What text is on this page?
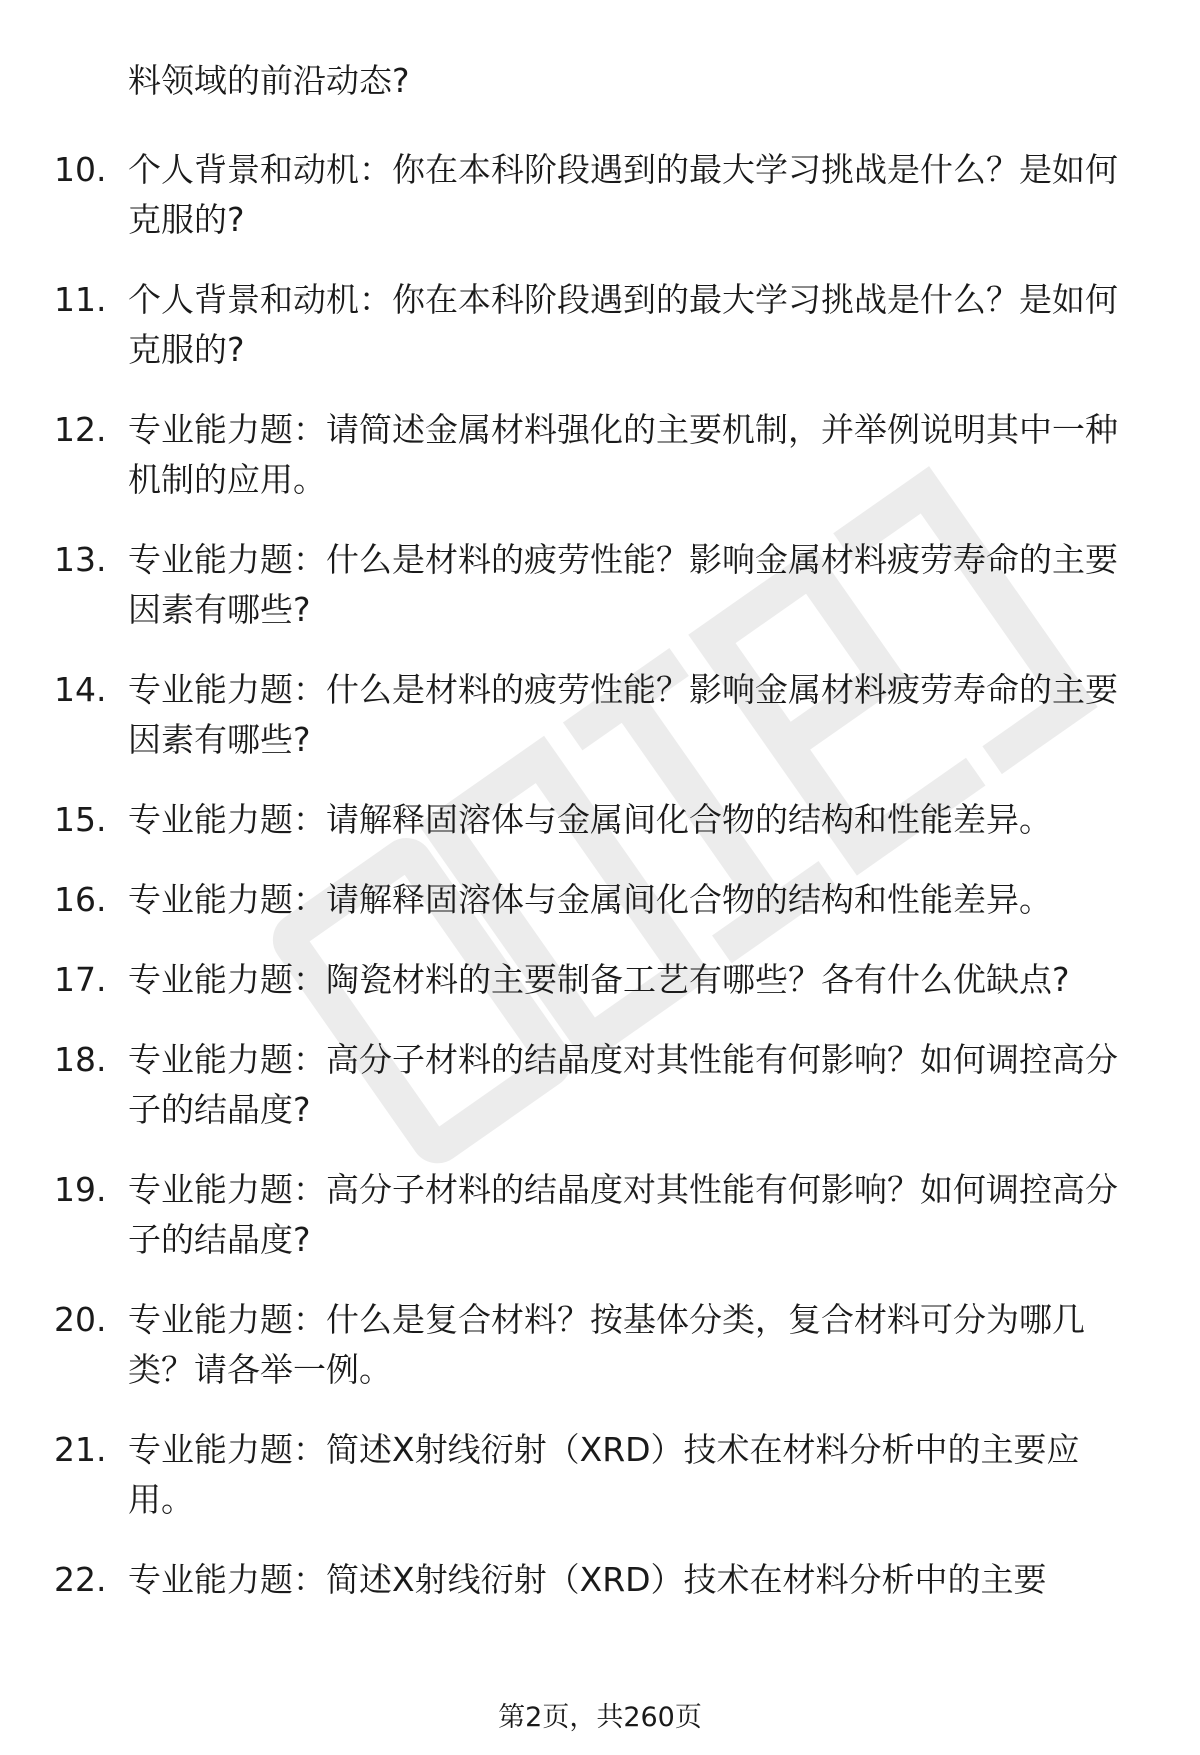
料领域的前沿动态?

10. 个人背景和动机：你在本科阶段遇到的最大学习挑战是什么？是如何克服的?
11. 个人背景和动机：你在本科阶段遇到的最大学习挑战是什么？是如何克服的?
12. 专业能力题：请简述金属材料强化的主要机制，并举例说明其中一种机制的应用。
13. 专业能力题：什么是材料的疲劳性能？影响金属材料疲劳寿命的主要因素有哪些?
14. 专业能力题：什么是材料的疲劳性能？影响金属材料疲劳寿命的主要因素有哪些?
15. 专业能力题：请解释固溶体与金属间化合物的结构和性能差异。
16. 专业能力题：请解释固溶体与金属间化合物的结构和性能差异。
17. 专业能力题：陶瓷材料的主要制备工艺有哪些？各有什么优缺点?
18. 专业能力题：高分子材料的结晶度对其性能有何影响？如何调控高分子的结晶度?
19. 专业能力题：高分子材料的结晶度对其性能有何影响？如何调控高分子的结晶度?
20. 专业能力题：什么是复合材料？按基体分类，复合材料可分为哪几类？请各举一例。
21. 专业能力题：简述X射线衍射（XRD）技术在材料分析中的主要应用。
22. 专业能力题：简述X射线衍射（XRD）技术在材料分析中的主要
第2页，共260页
